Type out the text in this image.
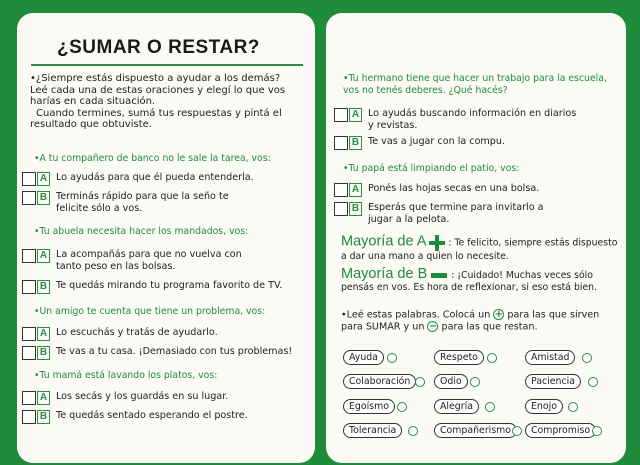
¿SUMAR O RESTAR?

•¿Siempre estás dispuesto a ayudar a los demás?

Leé cada una de estas oraciones y elegí lo que vos harías en cada situación.

Cuando termines, sumá tus respuestas y pintá el resultado que obtuviste.

•A tu compañero de banco no le sale la tarea, vos:
A Lo ayudás para que él pueda entenderla.
B Terminás rápido para que la seño te felicite sólo a vos.
•Tu abuela necesita hacer los mandados, vos:
A La acompañás para que no vuelva con tanto peso en las bolsas.
B Te quedás mirando tu programa favorito de TV.
•Un amigo te cuenta que tiene un problema, vos:
A Lo escuchás y tratás de ayudarlo.
B Te vas a tu casa. ¡Demasiado con tus problemas!
•Tu mamá está lavando los platos, vos:
A Los secás y los guardás en su lugar.
B Te quedás sentado esperando el postre.
•Tu hermano tiene que hacer un trabajo para la escuela, vos no tenés deberes. ¿Qué hacés?
A Lo ayudás buscando información en diarios y revistas.
B Te vas a jugar con la compu.
•Tu papá está limpiando el patio, vos:
A Ponés las hojas secas en una bolsa.
B Esperás que termine para invitarlo a jugar a la pelota.
Mayoría de A : Te felicito, siempre estás dispuesto a dar una mano a quien lo necesite.
Mayoría de B	: ¡Cuidado! Muchas veces sólo pensás en vos. Es hora de reflexionar, si eso está bien.
•Leé estas palabras. Colocá un + para las que sirven para SUMAR y un − para las que restan.
Ayuda	Respeto	Amistad
Colaboración	Odio	Paciencia
Egoísmo	Alegría	Enojo
Tolerancia	Compañerismo	Compromiso
